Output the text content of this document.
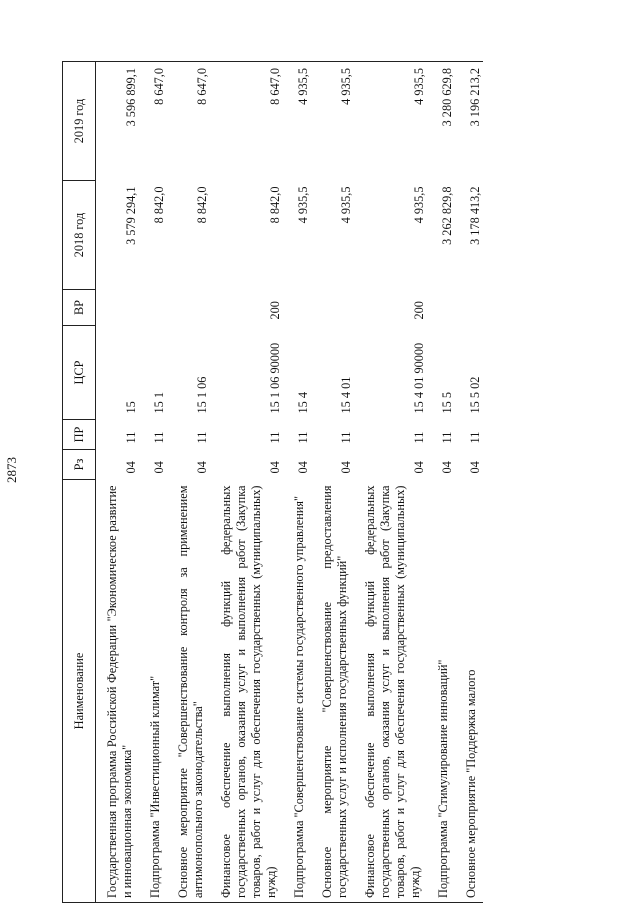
2873
Наименование	Рз	ПР	ЦСР	ВР	2018 год	2019 год
Государственная программа Российской Федерации "Экономическое развитие и инновационная экономика"	04	11	15		3 579 294,1	3 596 899,1
Подпрограмма "Инвестиционный климат"	04	11	15 1		8 842,0	8 647,0
Основное мероприятие "Совершенствование контроля за применением антимонопольного законодательства"	04	11	15 1 06		8 842,0	8 647,0
Финансовое обеспечение выполнения функций федеральных государственных органов, оказания услуг и выполнения работ (Закупка товаров, работ и услуг для обеспечения государственных (муниципальных) нужд)	04	11	15 1 06 90000	200	8 842,0	8 647,0
Подпрограмма "Совершенствование системы государственного управления"	04	11	15 4		4 935,5	4 935,5
Основное мероприятие "Совершенствование предоставления государственных услуг и исполнения государственных функций"	04	11	15 4 01		4 935,5	4 935,5
Финансовое обеспечение выполнения функций федеральных государственных органов, оказания услуг и выполнения работ (Закупка товаров, работ и услуг для обеспечения государственных (муниципальных) нужд)	04	11	15 4 01 90000	200	4 935,5	4 935,5
Подпрограмма "Стимулирование инноваций"	04	11	15 5		3 262 829,8	3 280 629,8
Основное мероприятие "Поддержка малого	04	11	15 5 02		3 178 413,2	3 196 213,2
